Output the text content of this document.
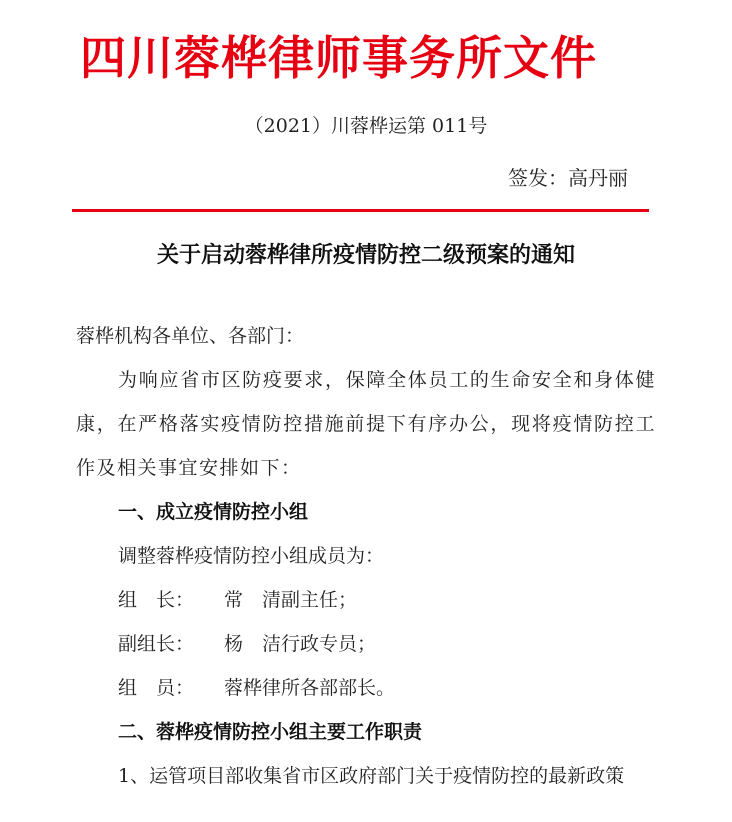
四川蓉桦律师事务所文件
（2021）川蓉桦运第 011号
签发：高丹丽
关于启动蓉桦律所疫情防控二级预案的通知
蓉桦机构各单位、各部门：
为响应省市区防疫要求，保障全体员工的生命安全和身体健康，在严格落实疫情防控措施前提下有序办公，现将疫情防控工作及相关事宜安排如下：
一、成立疫情防控小组
调整蓉桦疫情防控小组成员为：
组　长： 常　清副主任；
副组长： 杨　洁行政专员；
组　员： 蓉桦律所各部部长。
二、蓉桦疫情防控小组主要工作职责
1、运管项目部收集省市区政府部门关于疫情防控的最新政策
